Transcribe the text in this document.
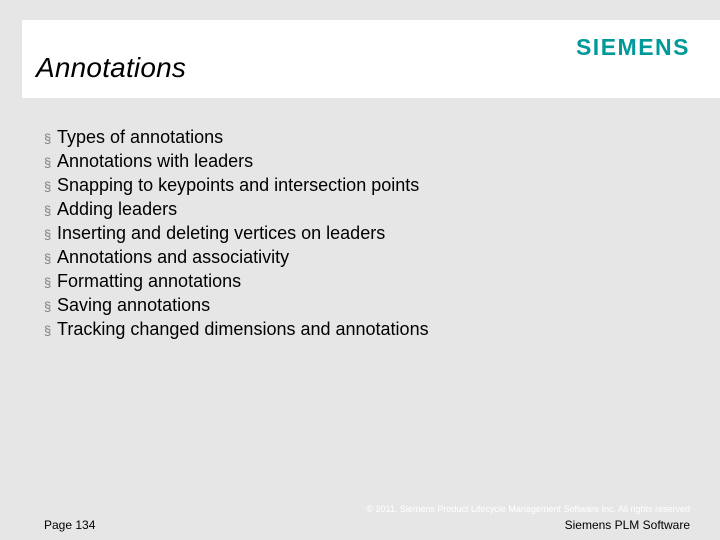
Annotations
SIEMENS
§ Types of annotations
§ Annotations with leaders
§ Snapping to keypoints and intersection points
§ Adding leaders
§ Inserting and deleting vertices on leaders
§ Annotations and associativity
§ Formatting annotations
§ Saving annotations
§ Tracking changed dimensions and annotations
© 2011. Siemens Product Lifecycle Management Software Inc. All rights reserved
Page 134	Siemens PLM Software
